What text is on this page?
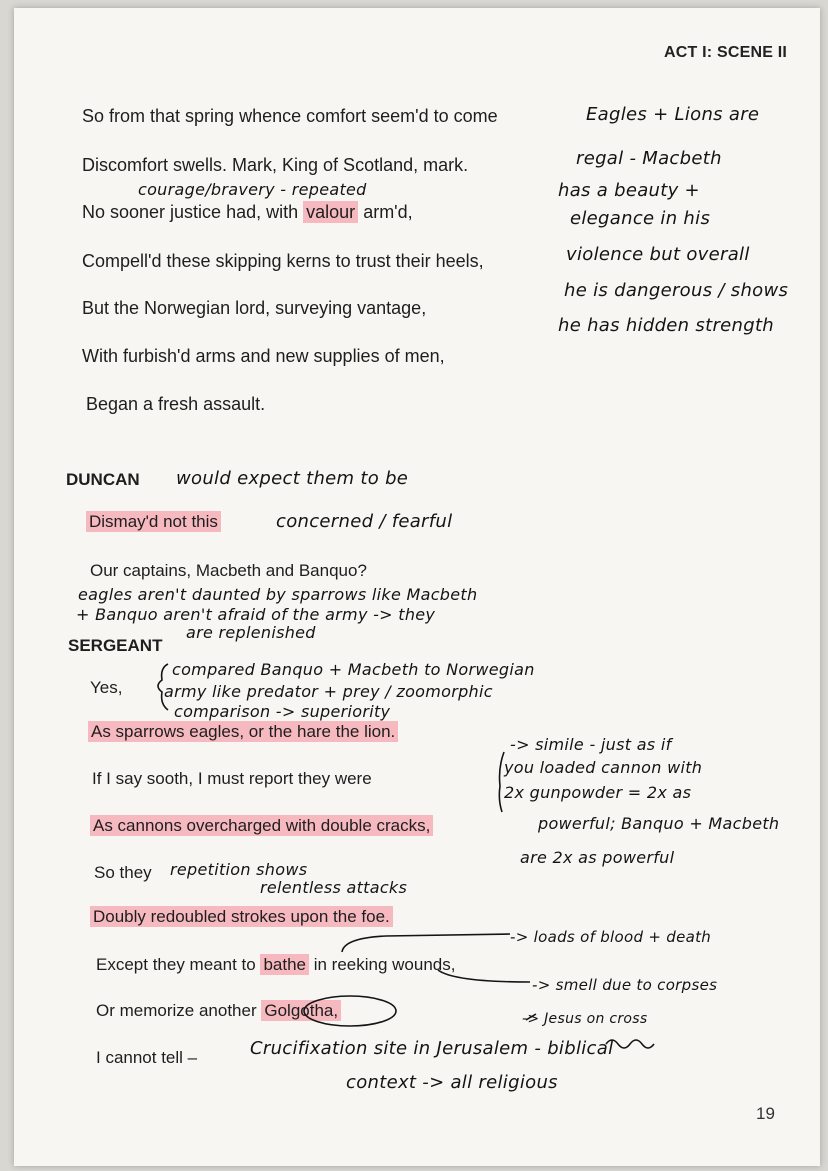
ACT I: SCENE II
So from that spring whence comfort seem'd to come
Discomfort swells. Mark, King of Scotland, mark.
No sooner justice had, with valour arm'd,
Compell'd these skipping kerns to trust their heels,
But the Norwegian lord, surveying vantage,
With furbish'd arms and new supplies of men,
Began a fresh assault.
DUNCAN
Dismay'd not this
Our captains, Macbeth and Banquo?
SERGEANT
Yes,
As sparrows eagles, or the hare the lion.
If I say sooth, I must report they were
As cannons overcharged with double cracks,
So they
Doubly redoubled strokes upon the foe.
Except they meant to bathe in reeking wounds,
Or memorize another Golgotha,
I cannot tell –
19
Eagles + Lions are
regal - Macbeth
has a beauty +
elegance in his
violence but overall
he is dangerous / shows
he has hidden strength
courage/bravery - repeated
would expect them to be
concerned / fearful
eagles aren't daunted by sparrows like Macbeth
+ Banquo aren't afraid of the army -> they
are replenished
compared Banquo + Macbeth to Norwegian
army like predator + prey / zoomorphic
comparison -> superiority
-> simile - just as if
you loaded cannon with
2x gunpowder = 2x as
powerful; Banquo + Macbeth
are 2x as powerful
repetition shows
relentless attacks
-> loads of blood + death
-> smell due to corpses
-> Jesus on cross
Crucifixation site in Jerusalem - biblical
context -> all religious
